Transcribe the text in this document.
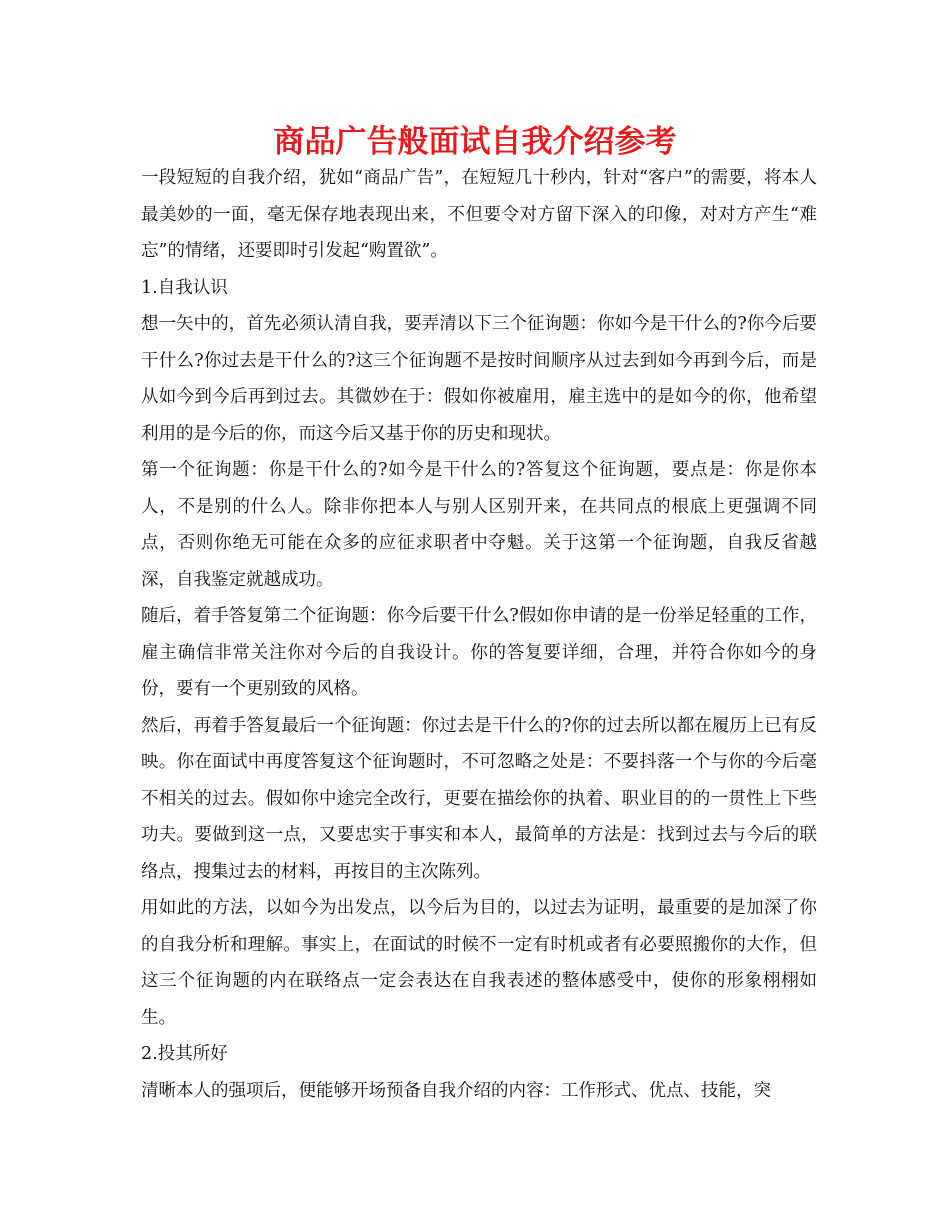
商品广告般面试自我介绍参考

一段短短的自我介绍，犹如“商品广告”，在短短几十秒内，针对“客户”的需要，将本人最美妙的一面，毫无保存地表现出来，不但要令对方留下深入的印像，对对方产生“难忘”的情绪，还要即时引发起“购置欲”。

1.自我认识

想一矢中的，首先必须认清自我，要弄清以下三个征询题：你如今是干什么的?你今后要干什么?你过去是干什么的?这三个征询题不是按时间顺序从过去到如今再到今后，而是从如今到今后再到过去。其微妙在于：假如你被雇用，雇主选中的是如今的你，他希望利用的是今后的你，而这今后又基于你的历史和现状。

第一个征询题：你是干什么的?如今是干什么的?答复这个征询题，要点是：你是你本人，不是别的什么人。除非你把本人与别人区别开来，在共同点的根底上更强调不同点，否则你绝无可能在众多的应征求职者中夺魁。关于这第一个征询题，自我反省越深，自我鉴定就越成功。

随后，着手答复第二个征询题：你今后要干什么?假如你申请的是一份举足轻重的工作，雇主确信非常关注你对今后的自我设计。你的答复要详细，合理，并符合你如今的身份，要有一个更别致的风格。

然后，再着手答复最后一个征询题：你过去是干什么的?你的过去所以都在履历上已有反映。你在面试中再度答复这个征询题时，不可忽略之处是：不要抖落一个与你的今后毫不相关的过去。假如你中途完全改行，更要在描绘你的执着、职业目的的一贯性上下些功夫。要做到这一点，又要忠实于事实和本人，最简单的方法是：找到过去与今后的联络点，搜集过去的材料，再按目的主次陈列。

用如此的方法，以如今为出发点，以今后为目的，以过去为证明，最重要的是加深了你的自我分析和理解。事实上，在面试的时候不一定有时机或者有必要照搬你的大作，但这三个征询题的内在联络点一定会表达在自我表述的整体感受中，使你的形象栩栩如生。

2.投其所好

清晰本人的强项后，便能够开场预备自我介绍的内容：工作形式、优点、技能，突
